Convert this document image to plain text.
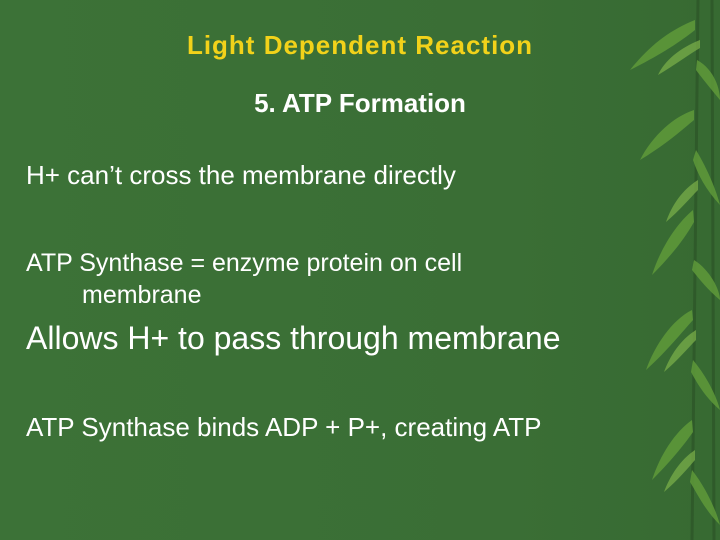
Light Dependent Reaction
5. ATP Formation

H+ can’t cross the membrane directly

ATP Synthase = enzyme protein on cell
membrane

Allows H+ to pass through membrane

ATP Synthase binds ADP + P+, creating ATP
